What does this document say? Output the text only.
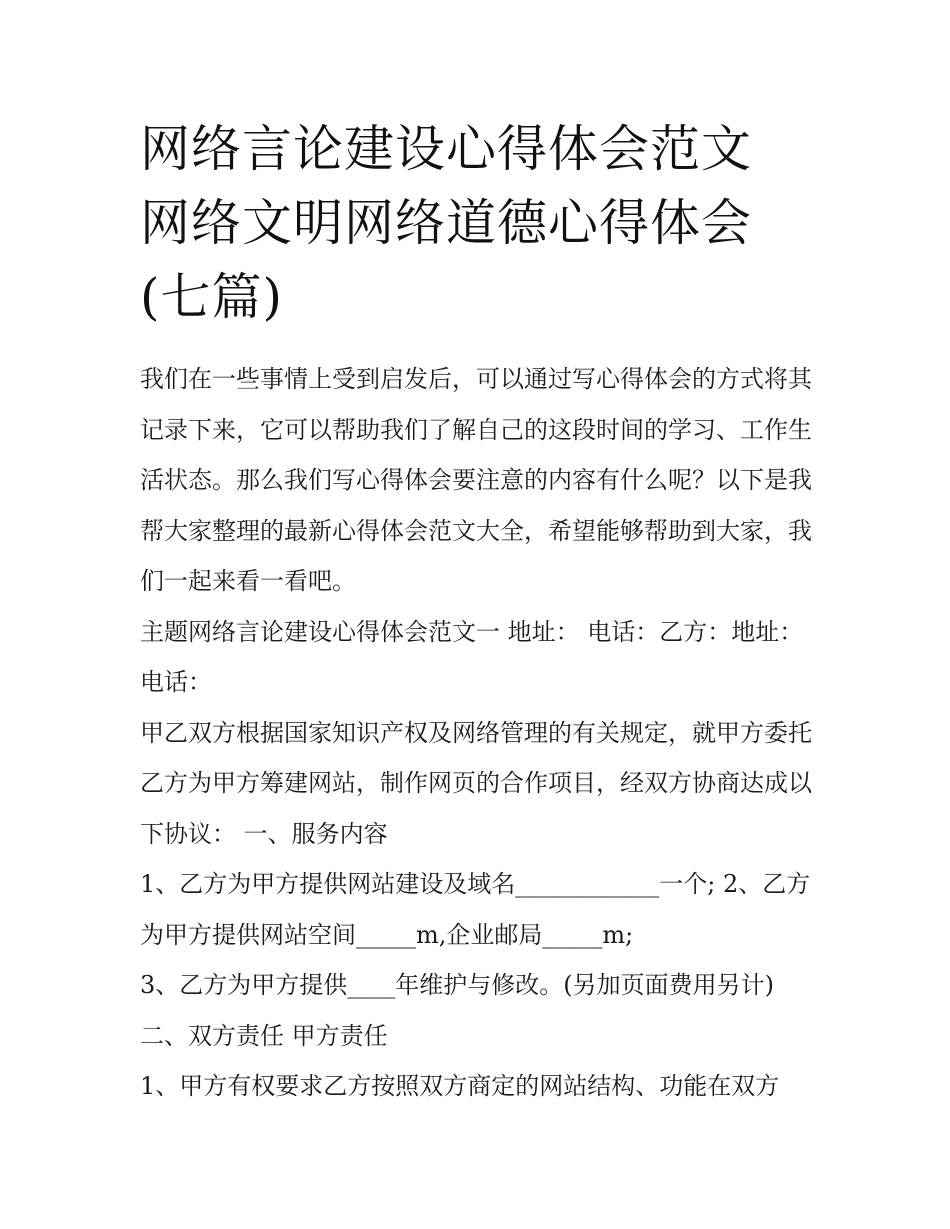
网络言论建设心得体会范文 网络文明网络道德心得体会(七篇)

我们在一些事情上受到启发后，可以通过写心得体会的方式将其记录下来，它可以帮助我们了解自己的这段时间的学习、工作生活状态。那么我们写心得体会要注意的内容有什么呢？以下是我帮大家整理的最新心得体会范文大全，希望能够帮助到大家，我们一起来看一看吧。

主题网络言论建设心得体会范文一 地址： 电话：乙方：地址：电话：

甲乙双方根据国家知识产权及网络管理的有关规定，就甲方委托乙方为甲方筹建网站，制作网页的合作项目，经双方协商达成以下协议： 一、服务内容

1、乙方为甲方提供网站建设及域名____________一个; 2、乙方为甲方提供网站空间_____m,企业邮局_____m;

3、乙方为甲方提供____年维护与修改。(另加页面费用另计)

二、双方责任 甲方责任

1、甲方有权要求乙方按照双方商定的网站结构、功能在双方
